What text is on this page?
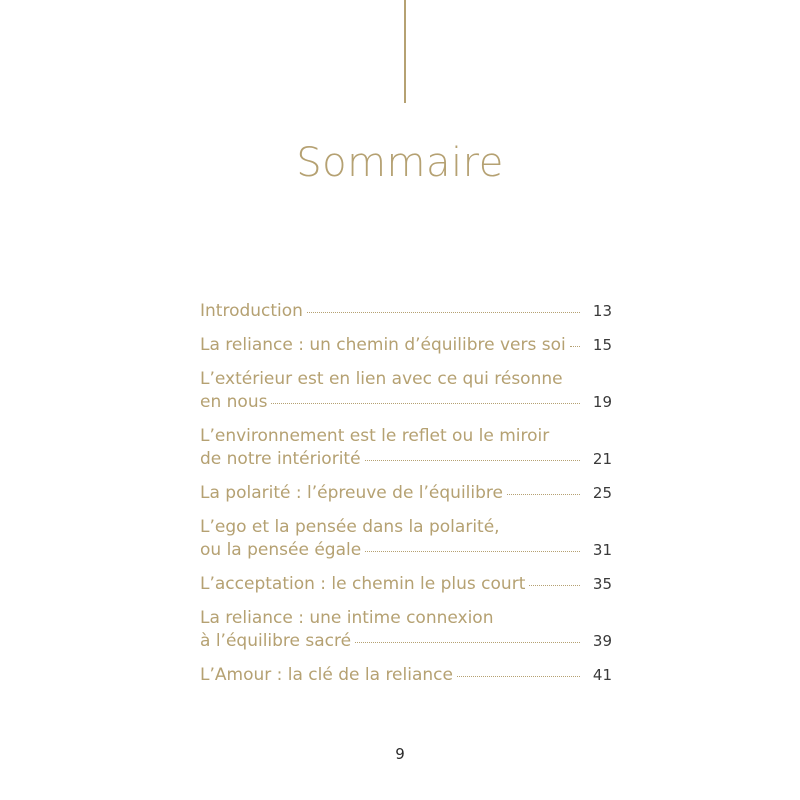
Sommaire
Introduction	13
La reliance : un chemin d’équilibre vers soi	15
L’extérieur est en lien avec ce qui résonne
en nous	19
L’environnement est le reflet ou le miroir
de notre intériorité	21
La polarité : l’épreuve de l’équilibre	25
L’ego et la pensée dans la polarité,
ou la pensée égale	31
L’acceptation : le chemin le plus court	35
La reliance : une intime connexion
à l’équilibre sacré	39
L’Amour : la clé de la reliance	41
9
